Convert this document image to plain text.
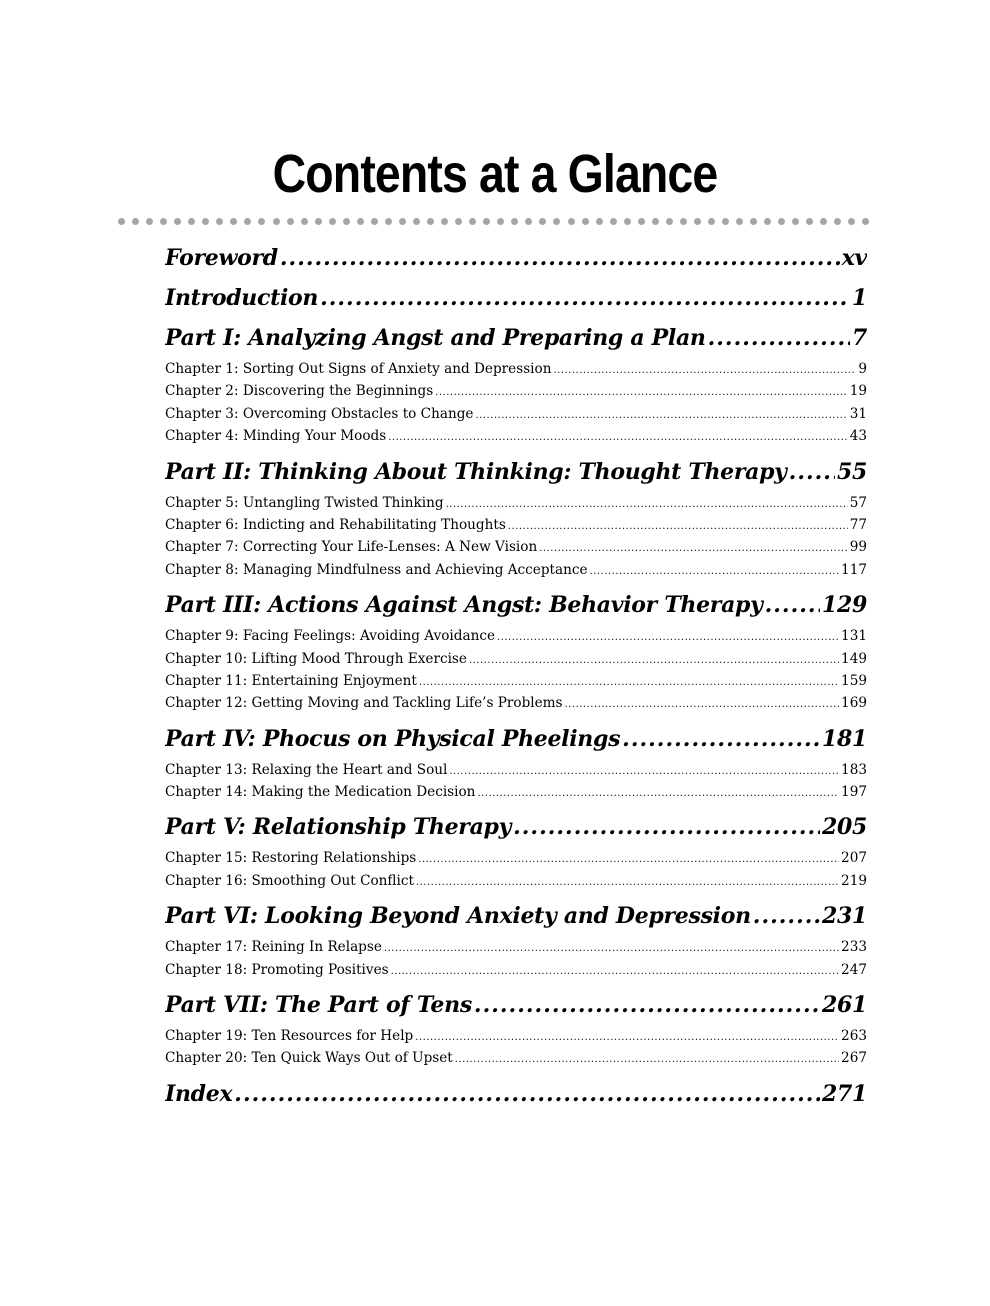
Contents at a Glance
Foreword .....	xv
Introduction .....	1
Part I: Analyzing Angst and Preparing a Plan .....	7
Chapter 1: Sorting Out Signs of Anxiety and Depression .....	9
Chapter 2: Discovering the Beginnings .....	19
Chapter 3: Overcoming Obstacles to Change .....	31
Chapter 4: Minding Your Moods .....	43
Part II: Thinking About Thinking: Thought Therapy ..... 55
Chapter 5: Untangling Twisted Thinking .....	57
Chapter 6: Indicting and Rehabilitating Thoughts .....	77
Chapter 7: Correcting Your Life-Lenses: A New Vision .....	99
Chapter 8: Managing Mindfulness and Achieving Acceptance .....	117
Part III: Actions Against Angst: Behavior Therapy .....	129
Chapter 9: Facing Feelings: Avoiding Avoidance .....	131
Chapter 10: Lifting Mood Through Exercise .....	149
Chapter 11: Entertaining Enjoyment .....	159
Chapter 12: Getting Moving and Tackling Life’s Problems .....	169
Part IV: Phocus on Physical Pheelings .....	181
Chapter 13: Relaxing the Heart and Soul .....	183
Chapter 14: Making the Medication Decision .....	197
Part V: Relationship Therapy .....	205
Chapter 15: Restoring Relationships .....	207
Chapter 16: Smoothing Out Conflict .....	219
Part VI: Looking Beyond Anxiety and Depression .....	231
Chapter 17: Reining In Relapse .....	233
Chapter 18: Promoting Positives .....	247
Part VII: The Part of Tens .....	261
Chapter 19: Ten Resources for Help .....	263
Chapter 20: Ten Quick Ways Out of Upset .....	267
Index .....	271
